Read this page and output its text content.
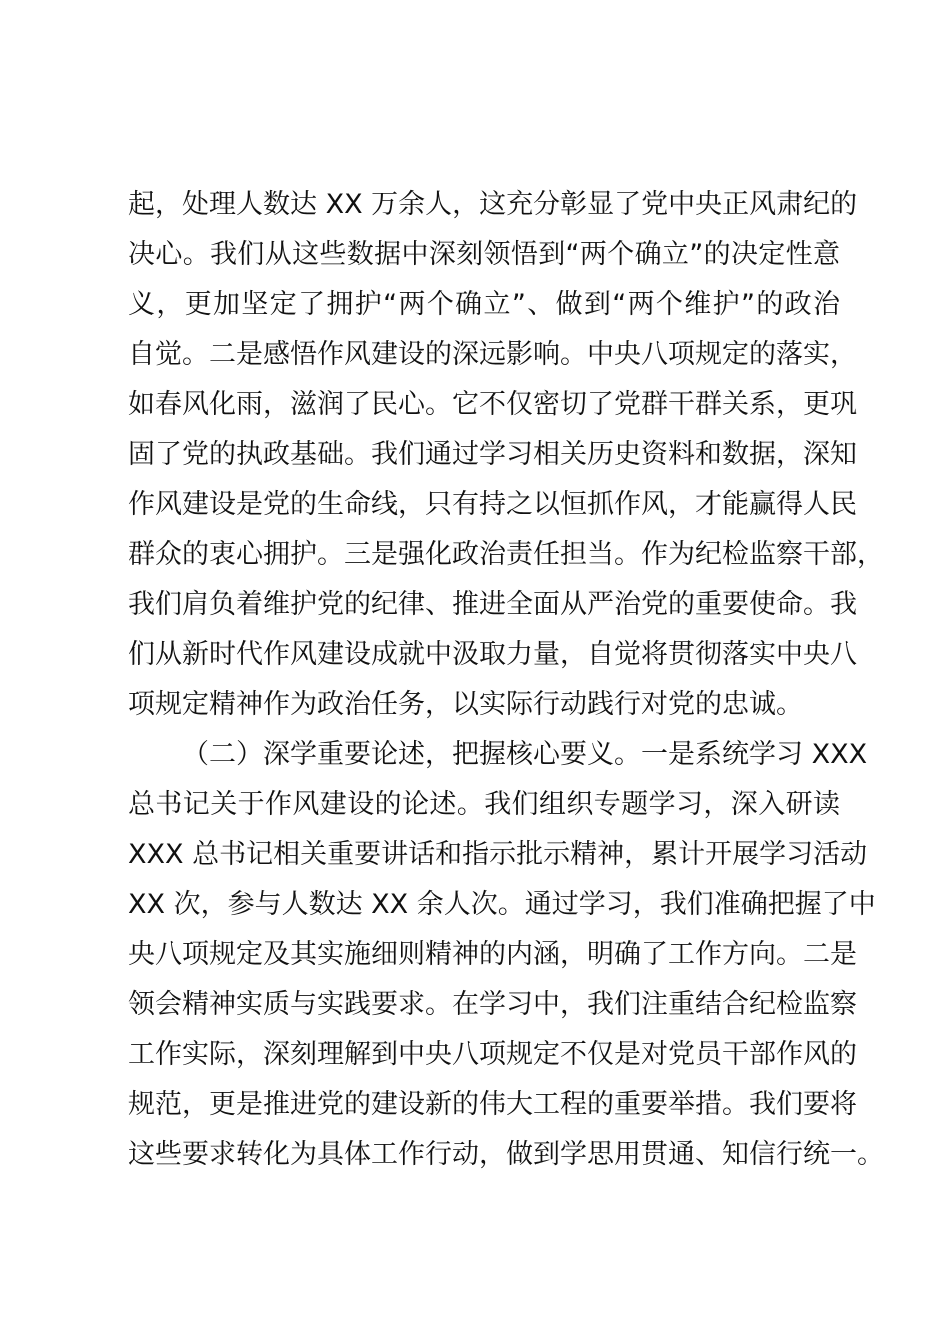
起，处理人数达 XX 万余人，这充分彰显了党中央正风肃纪的
决心。我们从这些数据中深刻领悟到“两个确立”的决定性意
义，更加坚定了拥护“两个确立”、做到“两个维护”的政治
自觉。二是感悟作风建设的深远影响。中央八项规定的落实，
如春风化雨，滋润了民心。它不仅密切了党群干群关系，更巩
固了党的执政基础。我们通过学习相关历史资料和数据，深知
作风建设是党的生命线，只有持之以恒抓作风，才能赢得人民
群众的衷心拥护。三是强化政治责任担当。作为纪检监察干部，
我们肩负着维护党的纪律、推进全面从严治党的重要使命。我
们从新时代作风建设成就中汲取力量，自觉将贯彻落实中央八
项规定精神作为政治任务，以实际行动践行对党的忠诚。
（二）深学重要论述，把握核心要义。一是系统学习 XXX
总书记关于作风建设的论述。我们组织专题学习，深入研读
XXX 总书记相关重要讲话和指示批示精神，累计开展学习活动
XX 次，参与人数达 XX 余人次。通过学习，我们准确把握了中
央八项规定及其实施细则精神的内涵，明确了工作方向。二是
领会精神实质与实践要求。在学习中，我们注重结合纪检监察
工作实际，深刻理解到中央八项规定不仅是对党员干部作风的
规范，更是推进党的建设新的伟大工程的重要举措。我们要将
这些要求转化为具体工作行动，做到学思用贯通、知信行统一。
